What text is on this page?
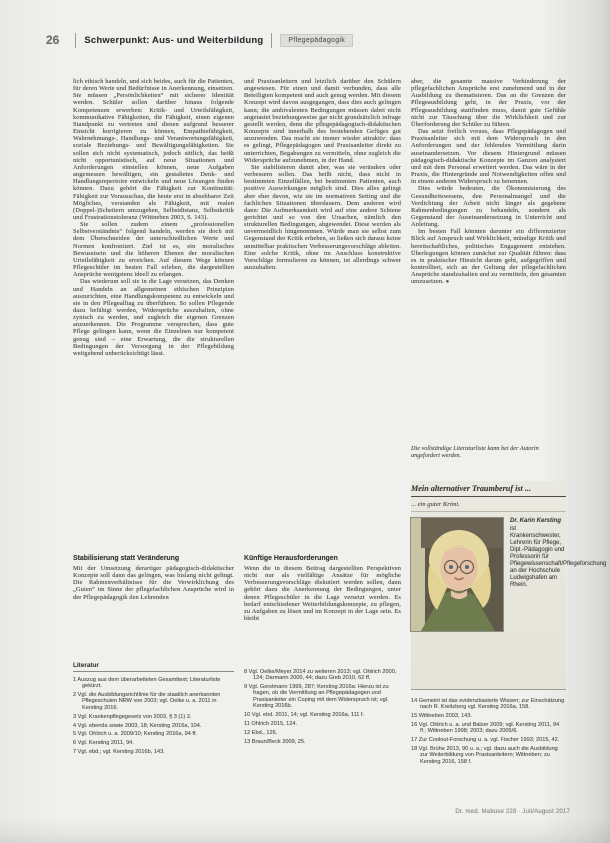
26	Schwerpunkt: Aus- und Weiterbildung	Pflegepädagogik

lich ethisch handeln, und sich beides, auch für die Patienten, für deren Werte und Bedürfnisse in Anerkennung, einsetzen. Sie müssen „Persönlichkeiten“ mit sicherer Identität werden. Schüler sollen darüber hinaus folgende Kompetenzen erwerben: Kritik- und Urteilsfähigkeit, kommunikative Fähigkeiten, die Fähigkeit, einen eigenen Standpunkt zu vertreten und diesen aufgrund besserer Einsicht korrigieren zu können, Empathiefähigkeit, Wahrnehmungs-, Handlungs- und Verantwortungsfähigkeit, soziale Beziehungs- und Bewältigungsfähigkeiten. Sie sollen sich nicht systematisch, jedoch sittlich, das heißt nicht opportunistisch, auf neue Situationen und Anforderungen einstellen können, neue Aufgaben angemessen bewältigen, ein gestaltetes Denk- und Handlungsrepertoire entwickeln und neue Lösungen finden können. Dazu gehört die Fähigkeit zur Kontinuität: Fähigkeit zur Vorausschau, die heute erst in absehbarer Zeit Mögliches, verstanden als Fähigkeit, mit realen (Doppel-)Scheitern umzugehen, Selbstdistanz, Selbstkritik und Frustrationstoleranz (Wittneben 2003, S. 143).

Sie sollen zudem einem „professionellen Selbstverständnis“ folgend handeln, werden sie doch mit dem Überschneiden der unterschiedlichen Werte und Normen konfrontiert. Ziel ist es, ein moralisches Bewusstsein und die höheren Ebenen der moralischen Urteilsfähigkeit zu erreichen. Auf diesem Wege können Pflegeschüler im besten Fall erleben, die dargestellten Ansprüche wenigstens ideell zu erlangen.

Das wiederum soll sie in die Lage versetzen, das Denken und Handeln an allgemeinen ethischen Prinzipien auszurichten, eine Handlungskompetenz zu entwickeln und sie in den Pflegealltag zu überführen. So sollen Pflegende dazu befähigt werden, Widersprüche auszuhalten, ohne zynisch zu werden, und zugleich die eigenen Grenzen anzuerkennen. Die Programme versprechen, dass gute Pflege gelingen kann, wenn die Einzelnen nur kompetent genug sind – eine Erwartung, die die strukturellen Bedingungen der Versorgung in der Pflegebildung weitgehend unberücksichtigt lässt.

Stabilisierung statt Veränderung

Mit der Umsetzung derartiger pädagogisch-didaktischer Konzepte soll dann das gelingen, was bislang nicht gelingt. Die Rahmenverhältnisse für die Verwirklichung des „Guten“ im Sinne der pflegefachlichen Ansprüche wird in der Pflegepädagogik den Lehrenden

Literatur
1 Auszug aus dem überarbeiteten Gesamttext; Literaturliste gekürzt.
2 Vgl. die Ausbildungsrichtlinie für die staatlich anerkannten Pflegeschulen NRW von 2003; vgl. Oelke u. a. 2011 in Kersting 2016.
3 Vgl. Krankenpflegegesetz von 2003, § 3 (1) 2.
4 Vgl. ebenda sowie 2003, 18; Kersting 2016a, 104.
5 Vgl. Ohlrich u. a. 2009/10; Kersting 2016a, 94 ff.
6 Vgl. Kersting 2011, 94.
7 Vgl. ebd.; vgl. Kersting 2016b, 143.

und Praxisanleitern und letztlich darüber den Schülern angewiesen. Für einen und damit verbunden, dass alle Beteiligten kompetent und auch genug werden. Mit diesem Konzept wird davon ausgegangen, dass dies auch gelingen kann; die ambivalenten Bedingungen müssen dabei nicht angetastet beziehungsweise gar nicht grundsätzlich infrage gestellt werden, denn die pflegepädagogisch-didaktischen Konzepte sind innerhalb des bestehenden Gefüges gut anzuwenden. Das macht sie immer wieder attraktiv: dass es gelingt, Pflegepädagogen und Praxisanleiter direkt zu unterrichten, Begabungen zu vermitteln, ohne zugleich die Widersprüche aufzunehmen, in der Hand.

Sie stabilisieren damit aber, was sie verändern oder verbessern sollen. Das heißt nicht, dass nicht in bestimmten Einzelfällen, bei bestimmten Patienten, auch positive Auswirkungen möglich sind. Dies alles gelingt aber eher davon, wie sie im normativen Setting und die fachlichen Situationen überdauern. Dem anderen wird dann: Die Aufmerksamkeit wird auf eine andere Schiene gerichtet und so von den Ursachen, nämlich den strukturellen Bedingungen, abgewendet. Diese werden als unvermeidlich hingenommen. Würde man sie selbst zum Gegenstand der Kritik erheben, so ließen sich daraus keine unmittelbar praktischen Verbesserungsvorschläge ableiten. Eine solche Kritik, ohne im Anschluss konstruktive Vorschläge formulieren zu können, ist allerdings schwer auszuhalten.

Künftige Herausforderungen

Wenn die in diesem Beitrag dargestellten Perspektiven nicht nur als vielfältige Ansätze für mögliche Verbesserungsvorschläge diskutiert werden sollen, dann gehört dazu die Anerkennung der Bedingungen, unter denen Pflegeschüler in die Lage versetzt werden. Es bedarf entschiedener Weiterbildungskonzepte, zu pflegen, zu Aufgaben zu lösen und im Konzept in der Lage sein. Es bleibt

8 Vgl. Oelke/Meyer 2014 zu weiteren 2013; vgl. Ohlrich 2000, 124; Darmann 2000, 44; dazu Greb 2010, 62 ff.
9 Vgl. Gerstmann 1999, 287; Kersting 2016a: Hierzu ist zu fragen, ob die Vermittlung an Pflegepädagogen und Praxisanleiter ein Coping mit dem Widerspruch ist; vgl. Kersting 2016b.
10 Vgl. ebd. 2011, 14; vgl. Kersting 2016a, 111 f.
11 Ohlrich 2015, 124.
12 Ebd., 126.
13 Braun/Beck 2009, 25.

aber, die gesamte massive Verhinderung der pflegefachlichen Ansprüche erst zunehmend und in der Ausbildung zu thematisieren. Das an die Grenzen der Pflegeausbildung geht, in der Praxis, vor der Pflegeausbildung stattfinden muss, damit gute Gefühle nicht zur Täuschung über die Wirklichkeit und zur Überforderung der Schüler zu führen.

Das setzt freilich voraus, dass Pflegepädagogen und Praxisanleiter sich mit dem Widerspruch in den Anforderungen und der fehlenden Vermittlung darin auseinandersetzen. Vor diesem Hintergrund müssen pädagogisch-didaktische Konzepte im Ganzen analysiert und mit dem Personal erweitert werden. Das wäre in der Praxis, die Hintergründe und Notwendigkeiten offen und in einem anderen Widerspruch zu benennen.

Dies würde bedeuten, die Ökonomisierung des Gesundheitswesens, den Personalmangel und die Verdichtung der Arbeit nicht länger als gegebene Rahmenbedingungen zu behandeln, sondern als Gegenstand der Auseinandersetzung in Unterricht und Anleitung.

Im besten Fall könnten darunter ein differenzierter Blick auf Anspruch und Wirklichkeit, mündige Kritik und bereitschaftliches, politisches Engagement entstehen. Überlegungen können zunächst zur Qualität führen: dass es in praktischer Hinsicht darum geht, aufgegriffen und kontrolliert, sich an der Geltung der pflegefachlichen Ansprüche standzuhalten und zu vermitteln, den gesamten umzusetzen. ●

Die vollständige Literaturliste kann bei der Autorin angefordert werden.
Mein alternativer Traumberuf ist ...
... ein guter Krimi.
Dr. Karin Kersting
ist Krankenschwester, Lehrerin für Pflege, Dipl.-Pädagogin und Professorin für Pflegewissenschaft/Pflegeforschung an der Hochschule Ludwigshafen am Rhein.
14 Gemeint ist das evidenzbasierte Wissen; zur Einschätzung nach R. Kreitzberg vgl. Kersting 2016a, 158.
15 Wittneben 2003, 143.
16 Vgl. Ohlrich u. a. und Balzer 2009; vgl. Kersting 2011, 94 ff.; Wittneben 1998; 2003; dazu 2005/6.
17 Zur Coolout-Forschung u. a. vgl. Fischer 1993; 2015, 42.
18 Vgl. Brühe 2013, 90 u. a.; vgl. dazu auch die Ausbildung zur Weiterbildung von Praxisanleitern; Wittneben; zu Kersting 2016, 158 f.
Dr. med. Mabuse 228 · Juli/August 2017
